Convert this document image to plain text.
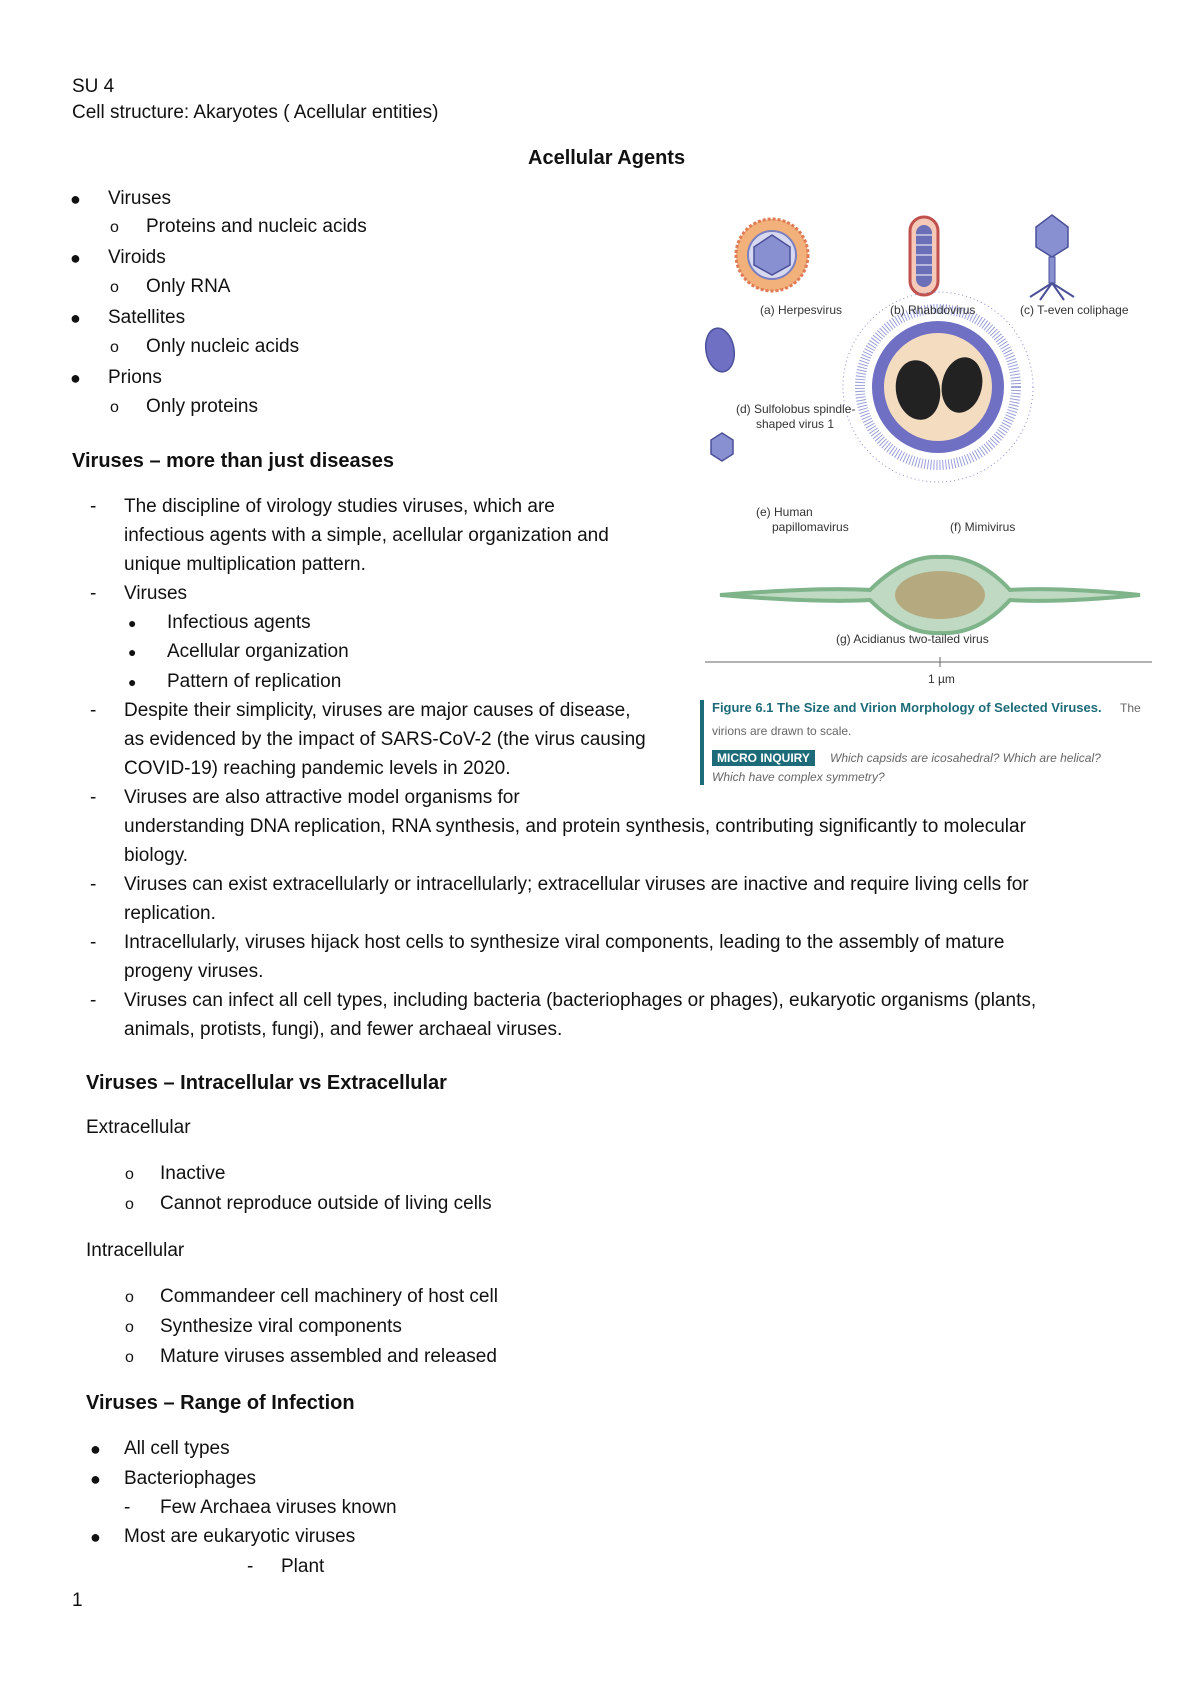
SU 4
Cell structure: Akaryotes ( Acellular entities)
Acellular Agents
● Viruses
o Proteins and nucleic acids
● Viroids
o Only RNA
● Satellites
o Only nucleic acids
● Prions
o Only proteins
Viruses – more than just diseases
- The discipline of virology studies viruses, which are
infectious agents with a simple, acellular organization and
unique multiplication pattern.
- Viruses
● Infectious agents
● Acellular organization
● Pattern of replication
- Despite their simplicity, viruses are major causes of disease,
as evidenced by the impact of SARS-CoV-2 (the virus causing
COVID-19) reaching pandemic levels in 2020.
- Viruses are also attractive model organisms for
understanding DNA replication, RNA synthesis, and protein synthesis, contributing significantly to molecular
biology.
- Viruses can exist extracellularly or intracellularly; extracellular viruses are inactive and require living cells for
replication.
- Intracellularly, viruses hijack host cells to synthesize viral components, leading to the assembly of mature
progeny viruses.
- Viruses can infect all cell types, including bacteria (bacteriophages or phages), eukaryotic organisms (plants,
animals, protists, fungi), and fewer archaeal viruses.
Viruses – Intracellular vs Extracellular
Extracellular
o Inactive
o Cannot reproduce outside of living cells
Intracellular
o Commandeer cell machinery of host cell
o Synthesize viral components
o Mature viruses assembled and released
Viruses – Range of Infection
● All cell types
● Bacteriophages
- Few Archaea viruses known
● Most are eukaryotic viruses
- Plant
1
(a) Herpesvirus	(b) Rhabdovirus	(c) T-even coliphage
(d) Sulfolobus spindle-
shaped virus 1
(e) Human
papillomavirus	(f) Mimivirus
(g) Acidianus two-tailed virus
1 µm
Figure 6.1 The Size and Virion Morphology of Selected Viruses. The
virions are drawn to scale.
MICRO INQUIRY	Which capsids are icosahedral? Which are helical?
Which have complex symmetry?
